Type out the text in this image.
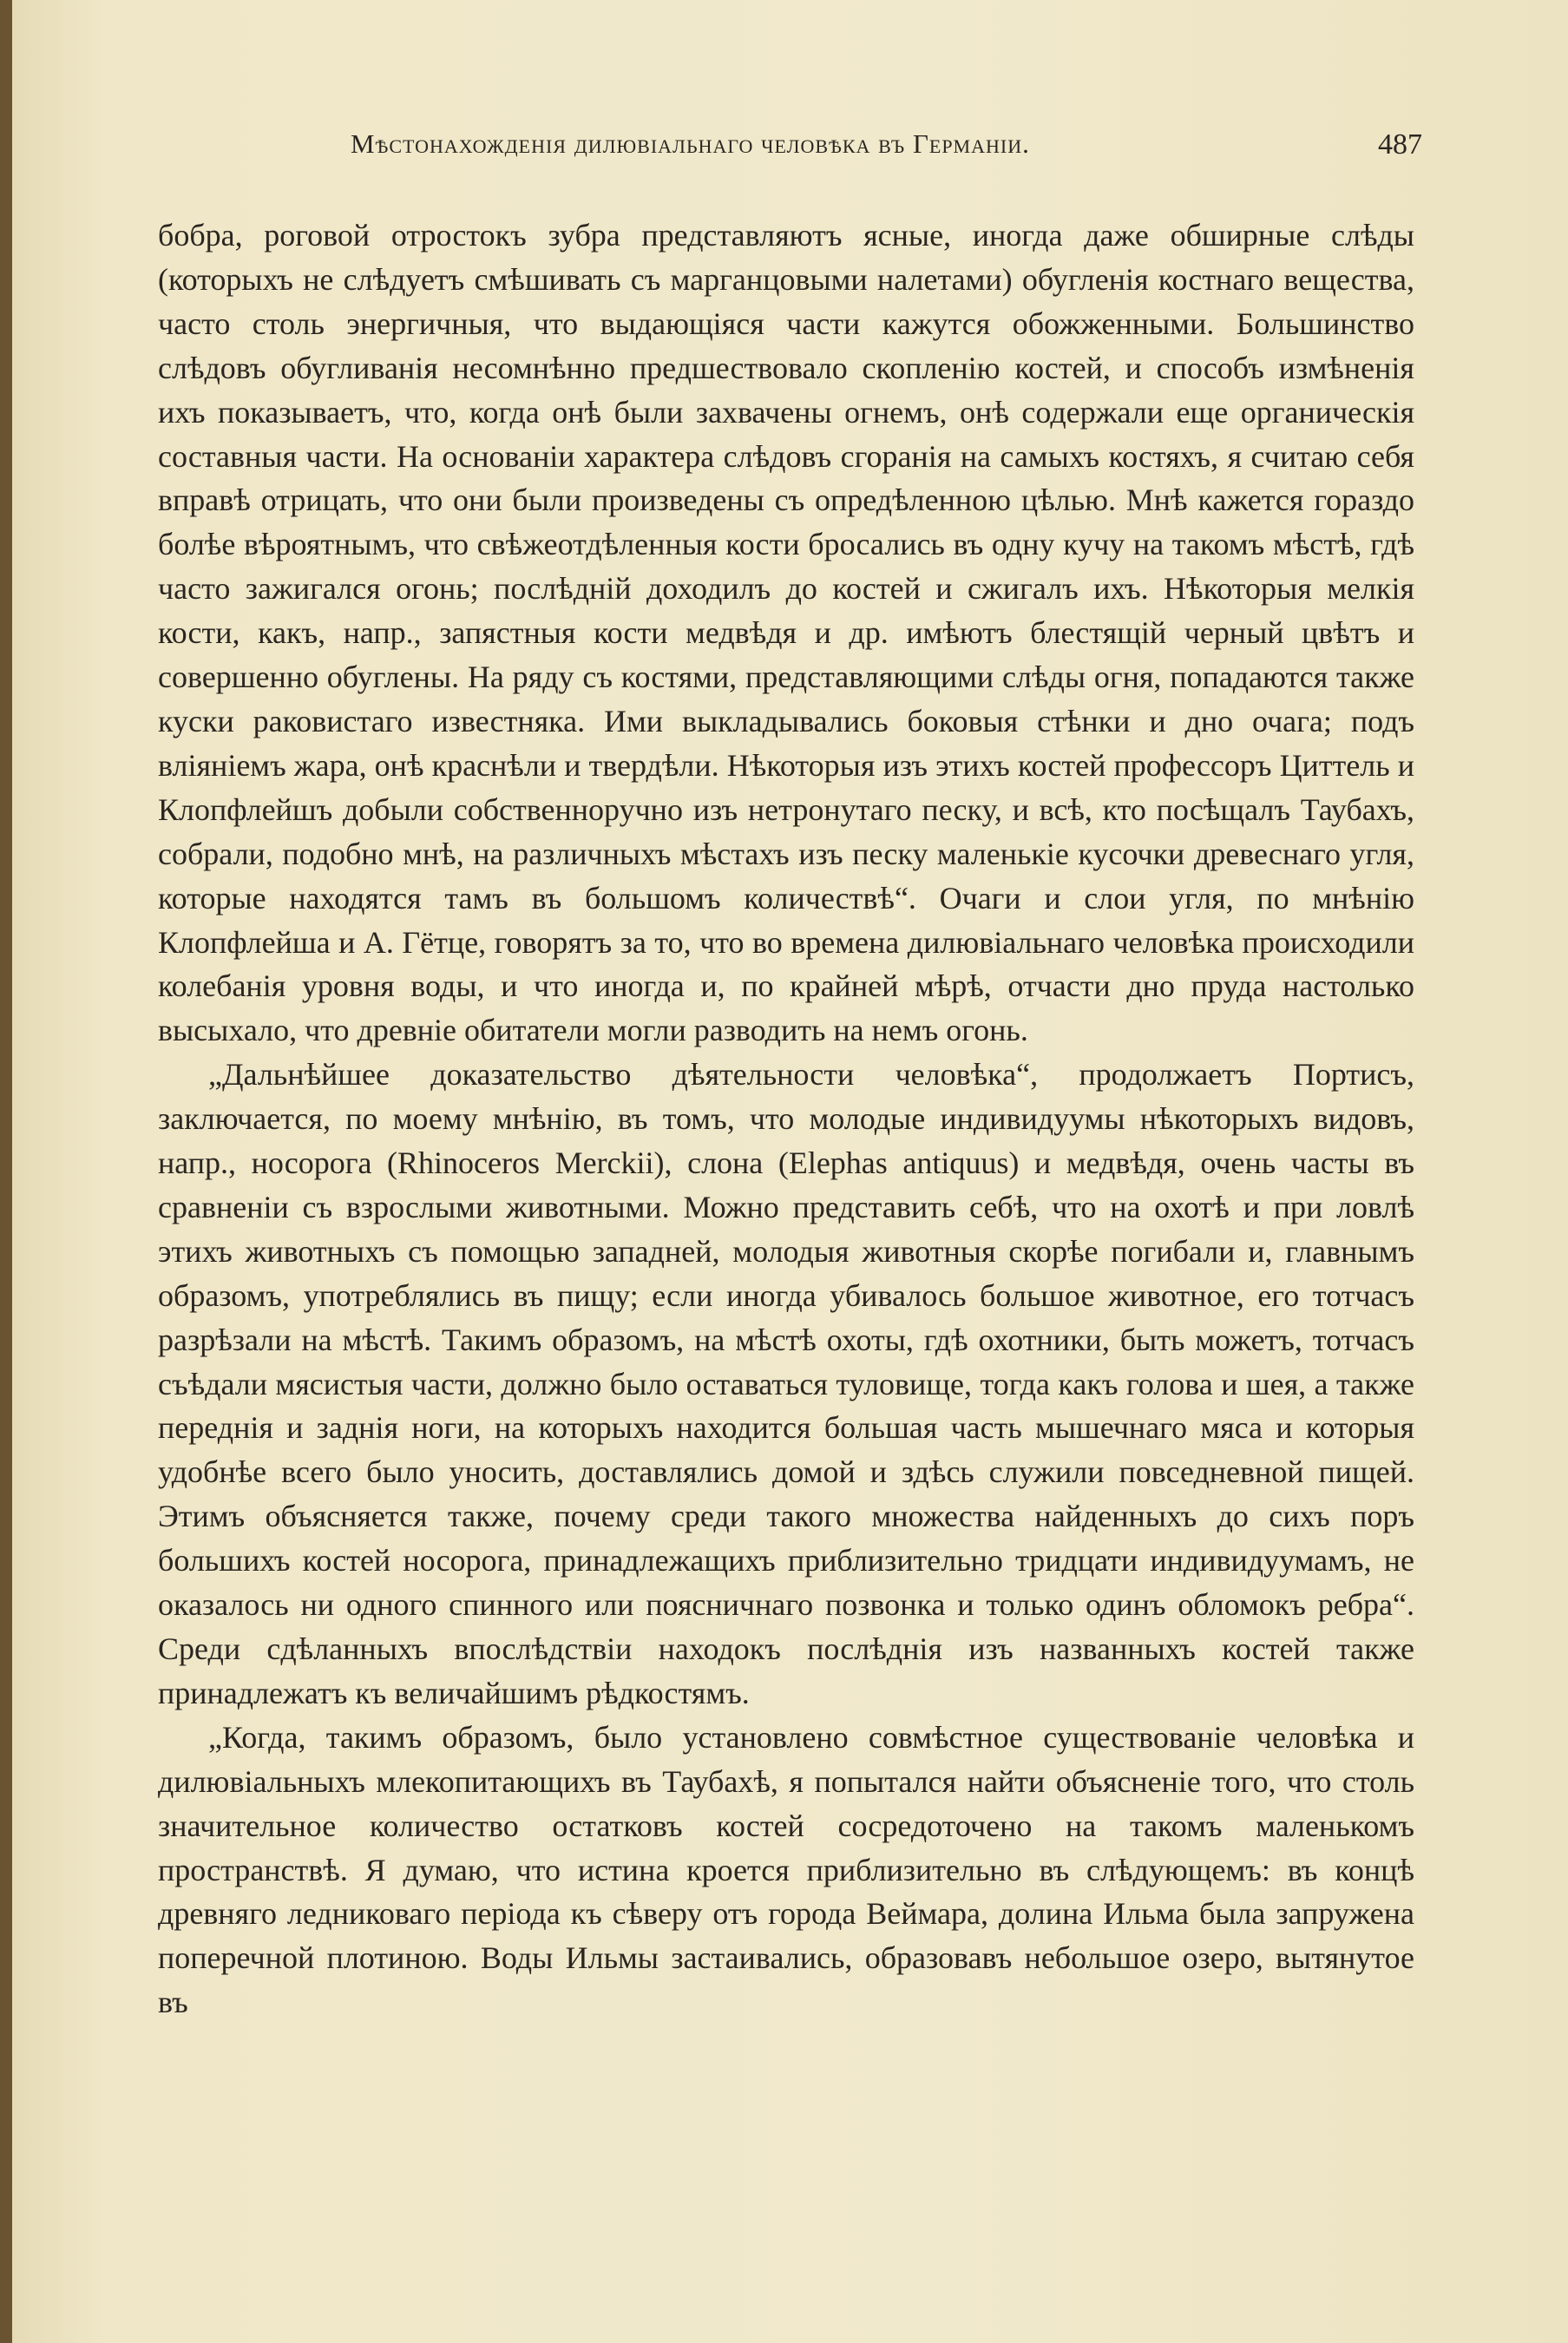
Мѣстонахожденія дилювіальнаго человѣка въ Германіи.	487

бобра, роговой отростокъ зубра представляютъ ясные, иногда даже обширные слѣды (которыхъ не слѣдуетъ смѣшивать съ марганцовыми налетами) обугленія костнаго вещества, часто столь энергичныя, что выдающіяся части кажутся обожженными. Большинство слѣдовъ обугливанія несомнѣнно предшествовало скопленію костей, и способъ измѣненія ихъ показываетъ, что, когда онѣ были захвачены огнемъ, онѣ содержали еще органическія составныя части. На основаніи характера слѣдовъ сгоранія на самыхъ костяхъ, я считаю себя вправѣ отрицать, что они были произведены съ опредѣленною цѣлью. Мнѣ кажется гораздо болѣе вѣроятнымъ, что свѣжеотдѣленныя кости бросались въ одну кучу на такомъ мѣстѣ, гдѣ часто зажигался огонь; послѣдній доходилъ до костей и сжигалъ ихъ. Нѣкоторыя мелкія кости, какъ, напр., запястныя кости медвѣдя и др. имѣютъ блестящій черный цвѣтъ и совершенно обуглены. На ряду съ костями, представляющими слѣды огня, попадаются также куски раковистаго известняка. Ими выкладывались боковыя стѣнки и дно очага; подъ вліяніемъ жара, онѣ краснѣли и твердѣли. Нѣкоторыя изъ этихъ костей профессоръ Циттель и Клопфлейшъ добыли собственноручно изъ нетронутаго песку, и всѣ, кто посѣщалъ Таубахъ, собрали, подобно мнѣ, на различныхъ мѣстахъ изъ песку маленькіе кусочки древеснаго угля, которые находятся тамъ въ большомъ количествѣ“. Очаги и слои угля, по мнѣнію Клопфлейша и А. Гётце, говорятъ за то, что во времена дилювіальнаго человѣка происходили колебанія уровня воды, и что иногда и, по крайней мѣрѣ, отчасти дно пруда настолько высыхало, что древніе обитатели могли разводить на немъ огонь.

„Дальнѣйшее доказательство дѣятельности человѣка“, продолжаетъ Портисъ, заключается, по моему мнѣнію, въ томъ, что молодые индивидуумы нѣкоторыхъ видовъ, напр., носорога (Rhinoceros Merckii), слона (Elephas antiquus) и медвѣдя, очень часты въ сравненіи съ взрослыми животными. Можно представить себѣ, что на охотѣ и при ловлѣ этихъ животныхъ съ помощью западней, молодыя животныя скорѣе погибали и, главнымъ образомъ, употреблялись въ пищу; если иногда убивалось большое животное, его тотчасъ разрѣзали на мѣстѣ. Такимъ образомъ, на мѣстѣ охоты, гдѣ охотники, быть можетъ, тотчасъ съѣдали мясистыя части, должно было оставаться туловище, тогда какъ голова и шея, а также переднія и заднія ноги, на которыхъ находится большая часть мышечнаго мяса и которыя удобнѣе всего было уносить, доставлялись домой и здѣсь служили повседневной пищей. Этимъ объясняется также, почему среди такого множества найденныхъ до сихъ поръ большихъ костей носорога, принадлежащихъ приблизительно тридцати индивидуумамъ, не оказалось ни одного спинного или поясничнаго позвонка и только одинъ обломокъ ребра“. Среди сдѣланныхъ впослѣдствіи находокъ послѣднія изъ названныхъ костей также принадлежатъ къ величайшимъ рѣдкостямъ.

„Когда, такимъ образомъ, было установлено совмѣстное существованіе человѣка и дилювіальныхъ млекопитающихъ въ Таубахѣ, я попытался найти объясненіе того, что столь значительное количество остатковъ костей сосредоточено на такомъ маленькомъ пространствѣ. Я думаю, что истина кроется приблизительно въ слѣдующемъ: въ концѣ древняго ледниковаго періода къ сѣверу отъ города Веймара, долина Ильма была запружена поперечной плотиною. Воды Ильмы застаивались, образовавъ небольшое озеро, вытянутое въ
